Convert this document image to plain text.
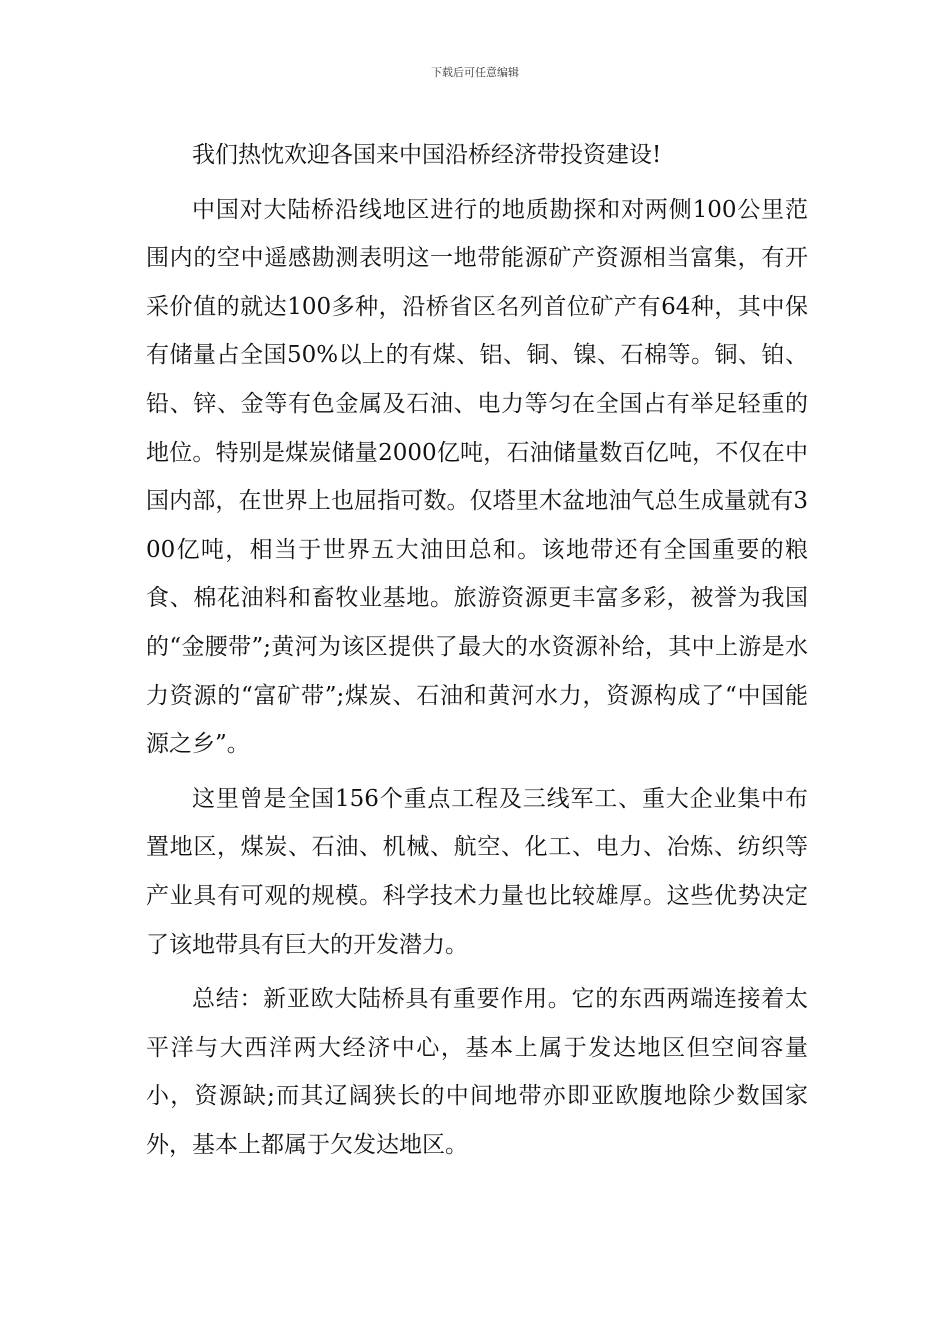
下载后可任意编辑

我们热忱欢迎各国来中国沿桥经济带投资建设!

中国对大陆桥沿线地区进行的地质勘探和对两侧100公里范围内的空中遥感勘测表明这一地带能源矿产资源相当富集，有开采价值的就达100多种，沿桥省区名列首位矿产有64种，其中保有储量占全国50%以上的有煤、铝、铜、镍、石棉等。铜、铂、铅、锌、金等有色金属及石油、电力等匀在全国占有举足轻重的地位。特别是煤炭储量2000亿吨，石油储量数百亿吨，不仅在中国内部，在世界上也屈指可数。仅塔里木盆地油气总生成量就有300亿吨，相当于世界五大油田总和。该地带还有全国重要的粮食、棉花油料和畜牧业基地。旅游资源更丰富多彩，被誉为我国的“金腰带”;黄河为该区提供了最大的水资源补给，其中上游是水力资源的“富矿带”;煤炭、石油和黄河水力，资源构成了“中国能源之乡”。

这里曾是全国156个重点工程及三线军工、重大企业集中布置地区，煤炭、石油、机械、航空、化工、电力、冶炼、纺织等产业具有可观的规模。科学技术力量也比较雄厚。这些优势决定了该地带具有巨大的开发潜力。

总结：新亚欧大陆桥具有重要作用。它的东西两端连接着太平洋与大西洋两大经济中心，基本上属于发达地区但空间容量小，资源缺;而其辽阔狭长的中间地带亦即亚欧腹地除少数国家外，基本上都属于欠发达地区。
